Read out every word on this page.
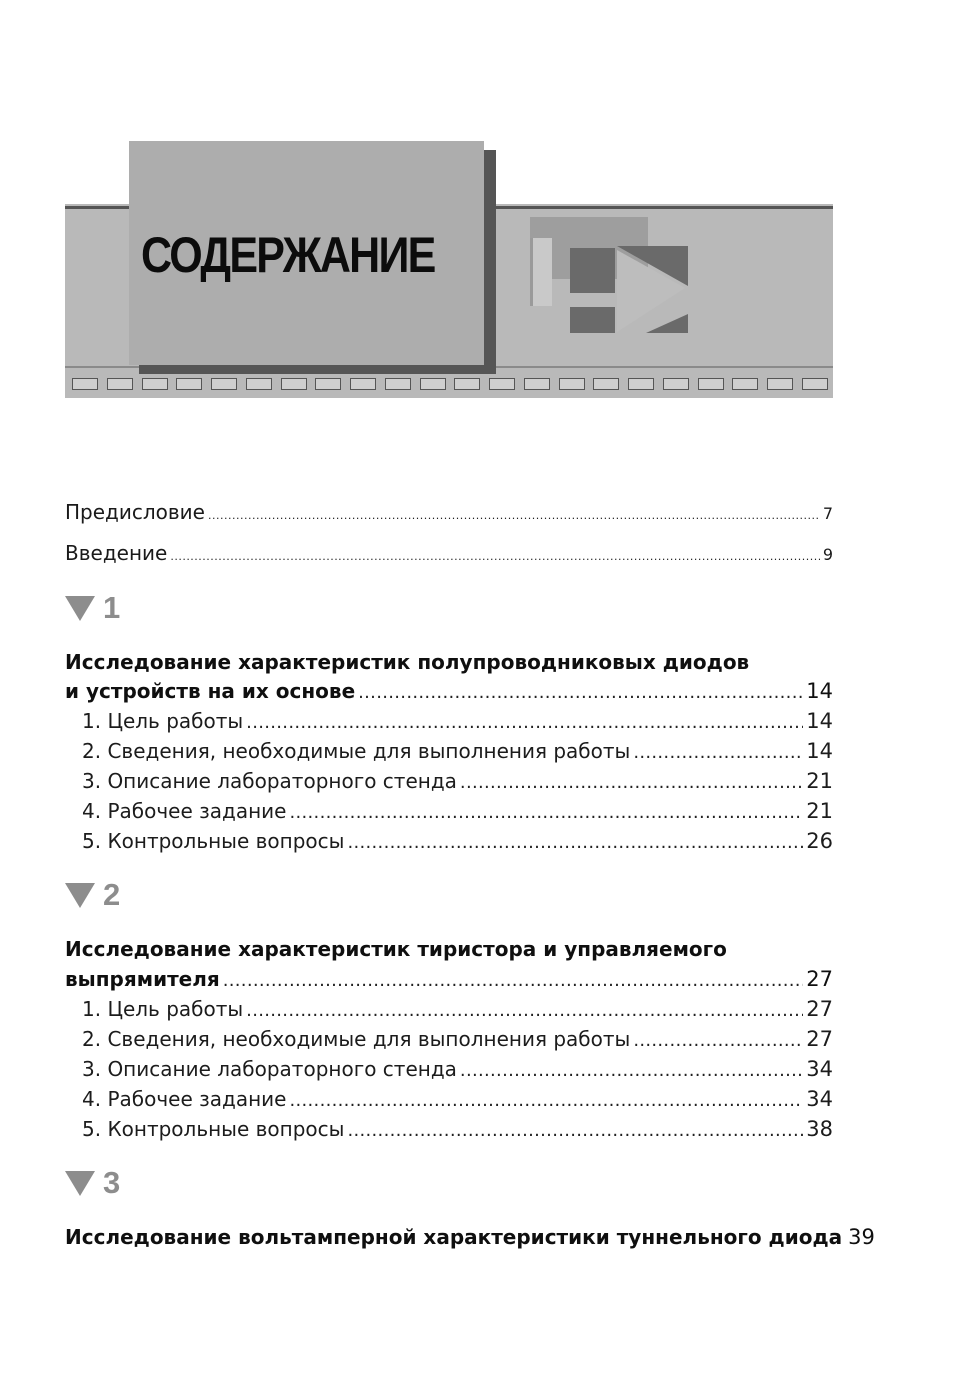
СОДЕРЖАНИЕ
Предисловие .....	7
Введение .....	9
1
Исследование характеристик полупроводниковых диодов
и устройств на их основе .....	14
1. Цель работы .....	14
2. Сведения, необходимые для выполнения работы .....	14
3. Описание лабораторного стенда .....	21
4. Рабочее задание .....	21
5. Контрольные вопросы .....	26
2
Исследование характеристик тиристора и управляемого
выпрямителя .....	27
1. Цель работы .....	27
2. Сведения, необходимые для выполнения работы .....	27
3. Описание лабораторного стенда .....	34
4. Рабочее задание .....	34
5. Контрольные вопросы .....	38
3
Исследование вольтамперной характеристики туннельного диода 39
